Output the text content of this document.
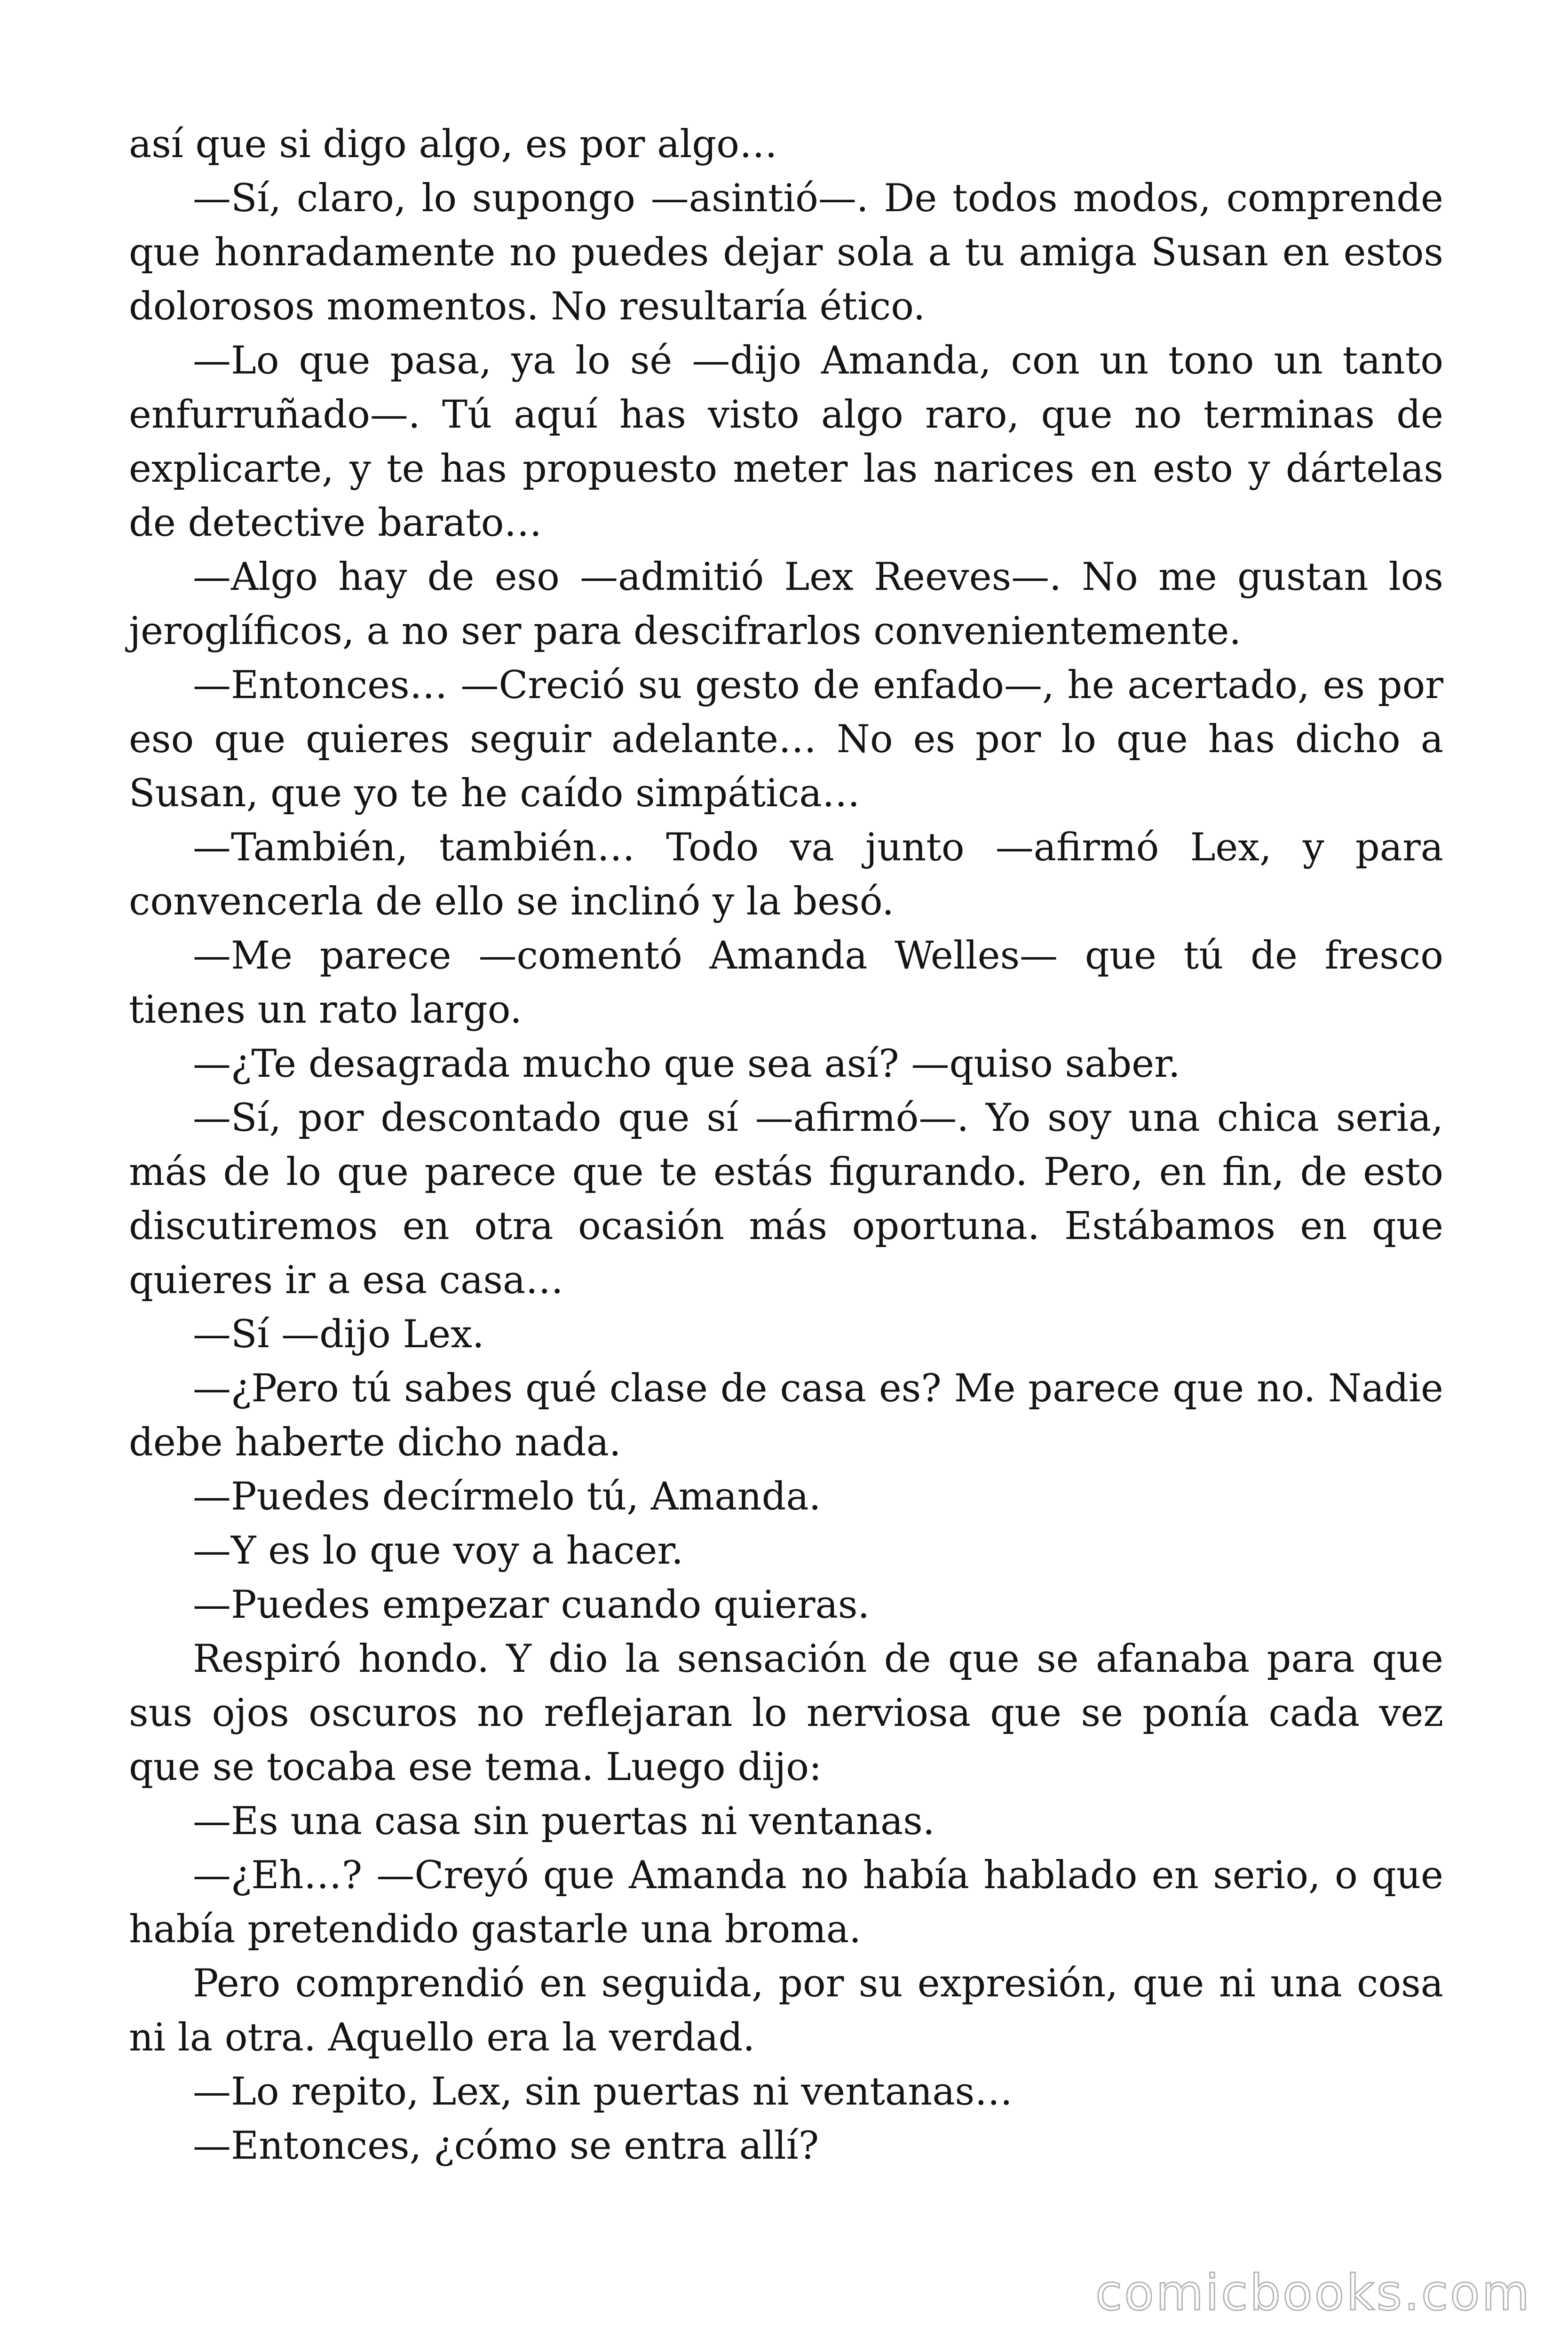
así que si digo algo, es por algo…

—Sí, claro, lo supongo —asintió—. De todos modos, comprende que honradamente no puedes dejar sola a tu amiga Susan en estos dolorosos momentos. No resultaría ético.

—Lo que pasa, ya lo sé —dijo Amanda, con un tono un tanto enfurruñado—. Tú aquí has visto algo raro, que no terminas de explicarte, y te has propuesto meter las narices en esto y dártelas de detective barato…

—Algo hay de eso —admitió Lex Reeves—. No me gustan los jeroglíficos, a no ser para descifrarlos convenientemente.

—Entonces… —Creció su gesto de enfado—, he acertado, es por eso que quieres seguir adelante… No es por lo que has dicho a Susan, que yo te he caído simpática…

—También, también… Todo va junto —afirmó Lex, y para convencerla de ello se inclinó y la besó.

—Me parece —comentó Amanda Welles— que tú de fresco tienes un rato largo.

—¿Te desagrada mucho que sea así? —quiso saber.

—Sí, por descontado que sí —afirmó—. Yo soy una chica seria, más de lo que parece que te estás figurando. Pero, en fin, de esto discutiremos en otra ocasión más oportuna. Estábamos en que quieres ir a esa casa…

—Sí —dijo Lex.

—¿Pero tú sabes qué clase de casa es? Me parece que no. Nadie debe haberte dicho nada.

—Puedes decírmelo tú, Amanda.

—Y es lo que voy a hacer.

—Puedes empezar cuando quieras.

Respiró hondo. Y dio la sensación de que se afanaba para que sus ojos oscuros no reflejaran lo nerviosa que se ponía cada vez que se tocaba ese tema. Luego dijo:

—Es una casa sin puertas ni ventanas.

—¿Eh…? —Creyó que Amanda no había hablado en serio, o que había pretendido gastarle una broma.

Pero comprendió en seguida, por su expresión, que ni una cosa ni la otra. Aquello era la verdad.

—Lo repito, Lex, sin puertas ni ventanas…

—Entonces, ¿cómo se entra allí?

comicbooks.com
